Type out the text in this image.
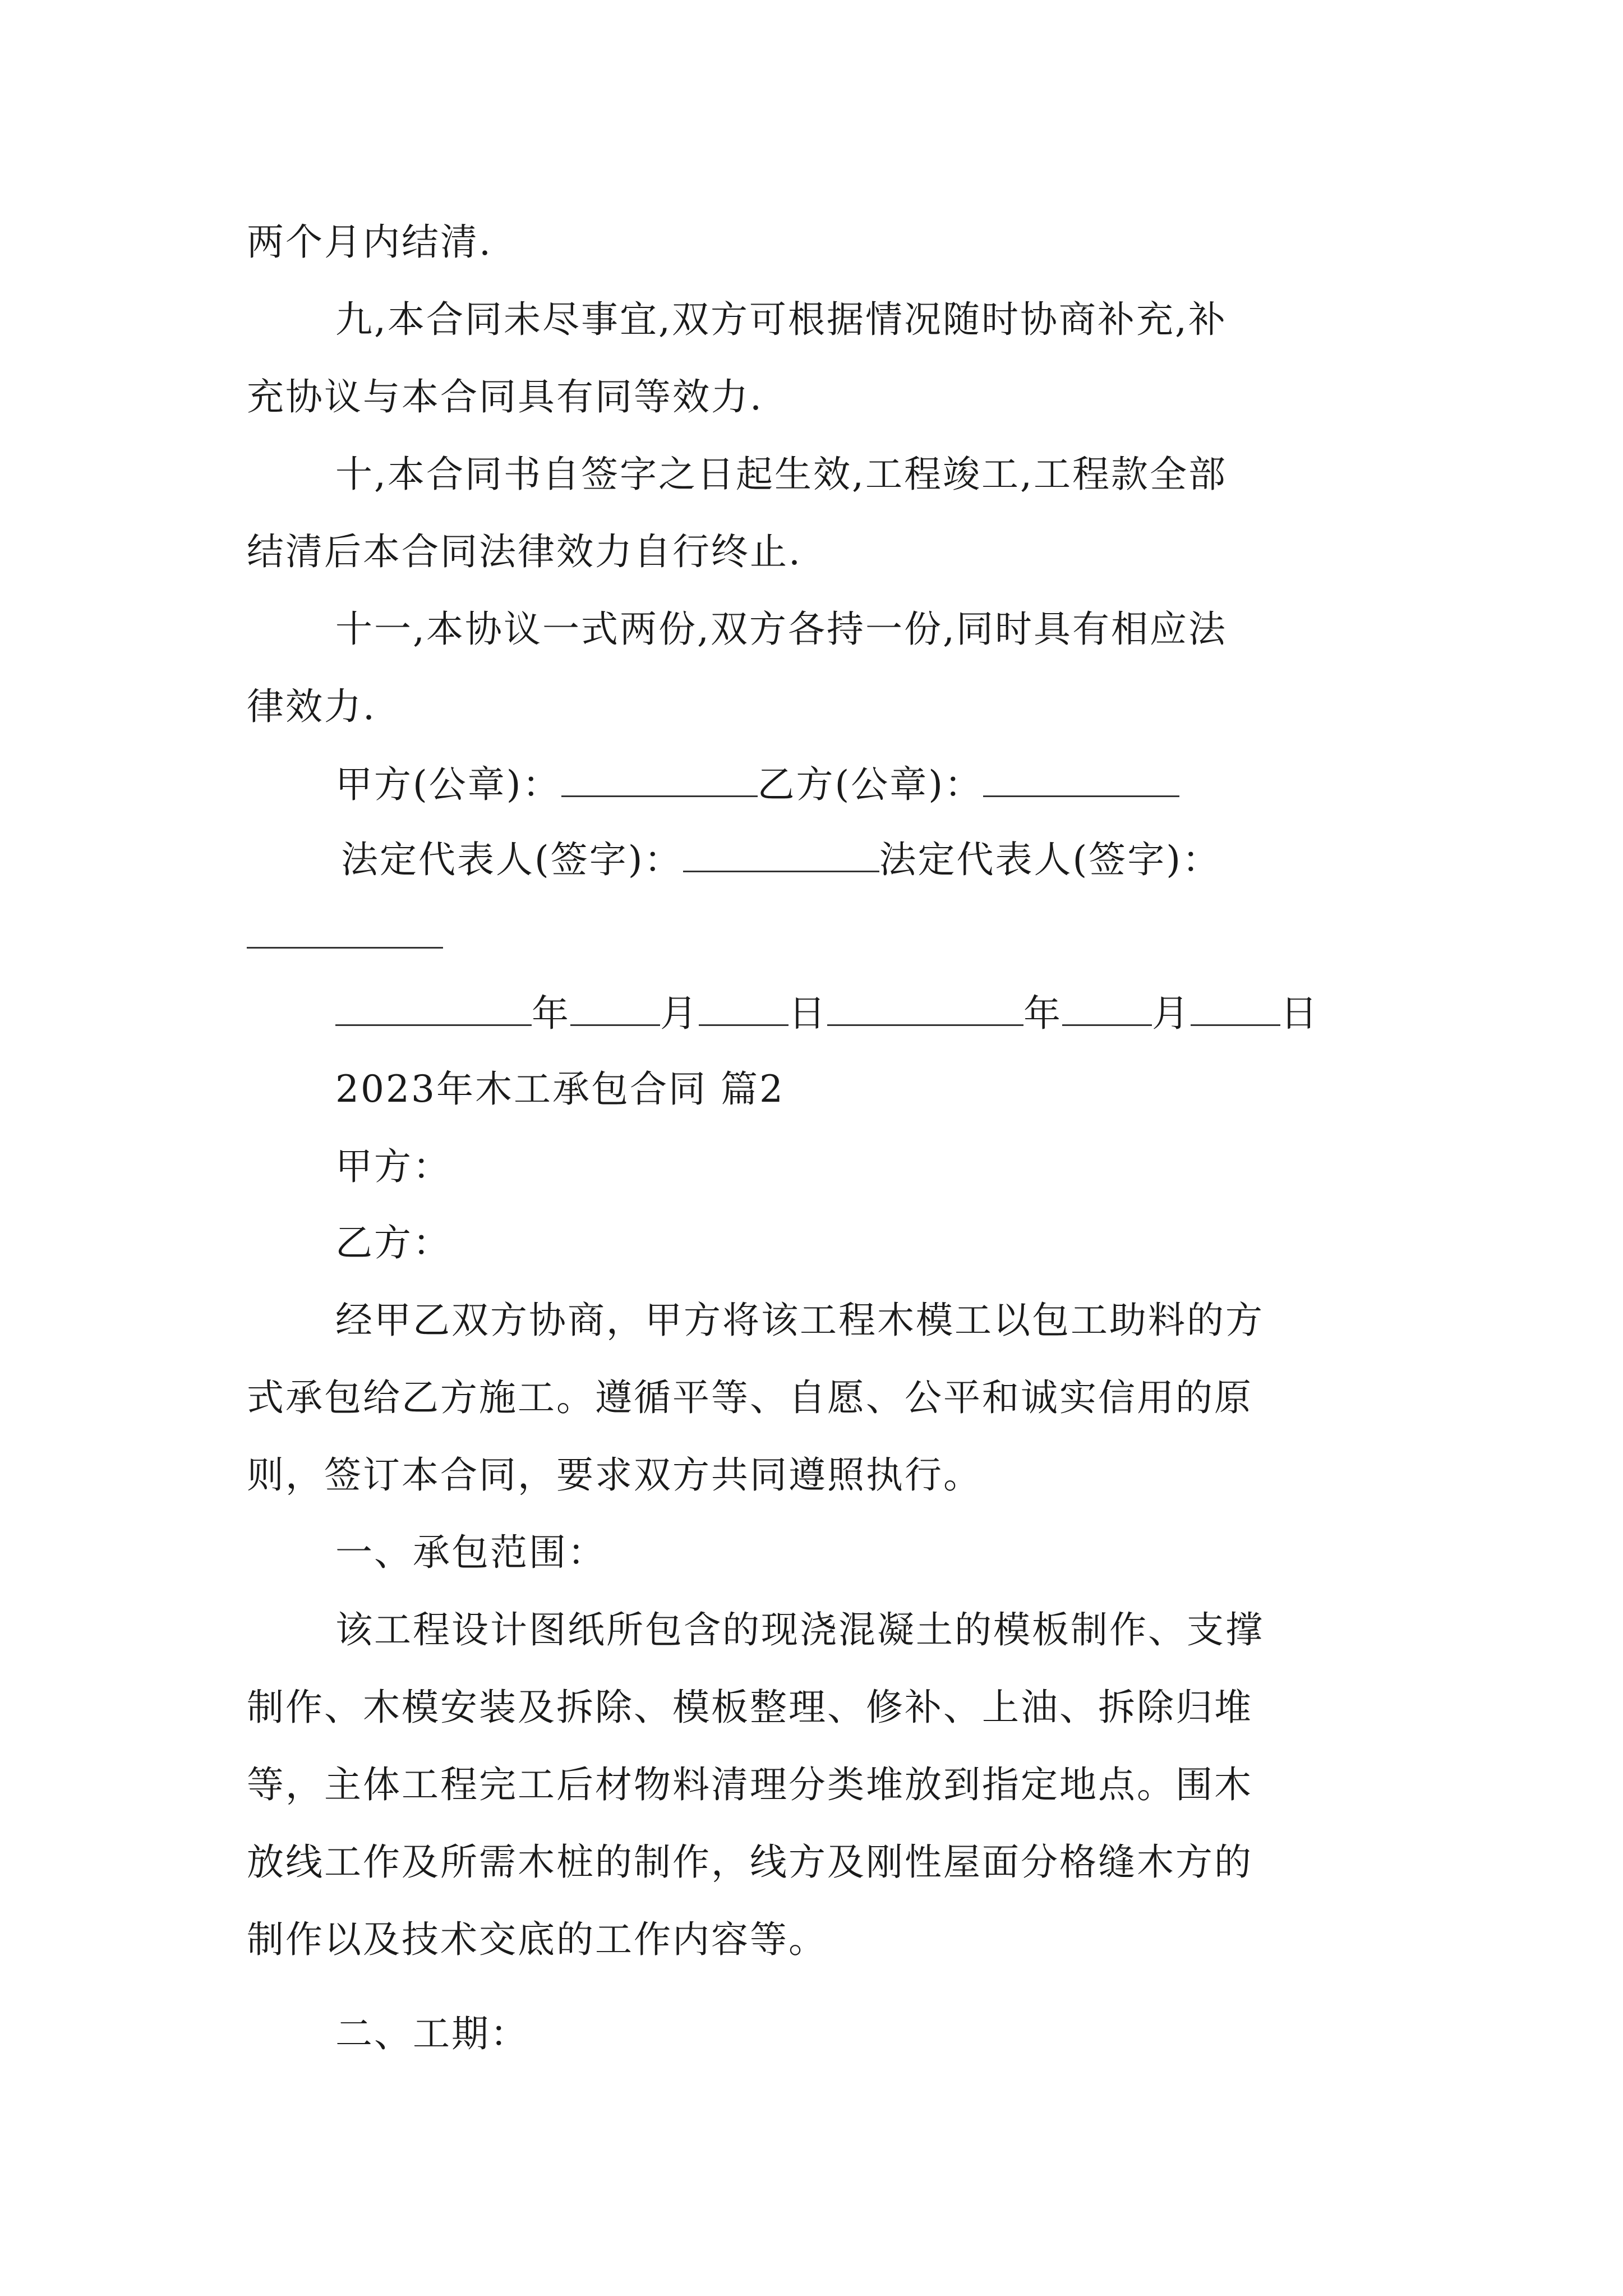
两个月内结清.
九,本合同未尽事宜,双方可根据情况随时协商补充,补
充协议与本合同具有同等效力.
十,本合同书自签字之日起生效,工程竣工,工程款全部
结清后本合同法律效力自行终止.
十一,本协议一式两份,双方各持一份,同时具有相应法
律效力.
甲方(公章)：	乙方(公章)：
法定代表人(签字)：	法定代表人(签字)：
年 月 日	年 月 日
2023年木工承包合同 篇2
甲方：
乙方：
经甲乙双方协商，甲方将该工程木模工以包工助料的方
式承包给乙方施工。遵循平等、自愿、公平和诚实信用的原
则，签订本合同，要求双方共同遵照执行。
一、承包范围：
该工程设计图纸所包含的现浇混凝土的模板制作、支撑
制作、木模安装及拆除、模板整理、修补、上油、拆除归堆
等，主体工程完工后材物料清理分类堆放到指定地点。围木
放线工作及所需木桩的制作，线方及刚性屋面分格缝木方的
制作以及技术交底的工作内容等。
二、工期：
